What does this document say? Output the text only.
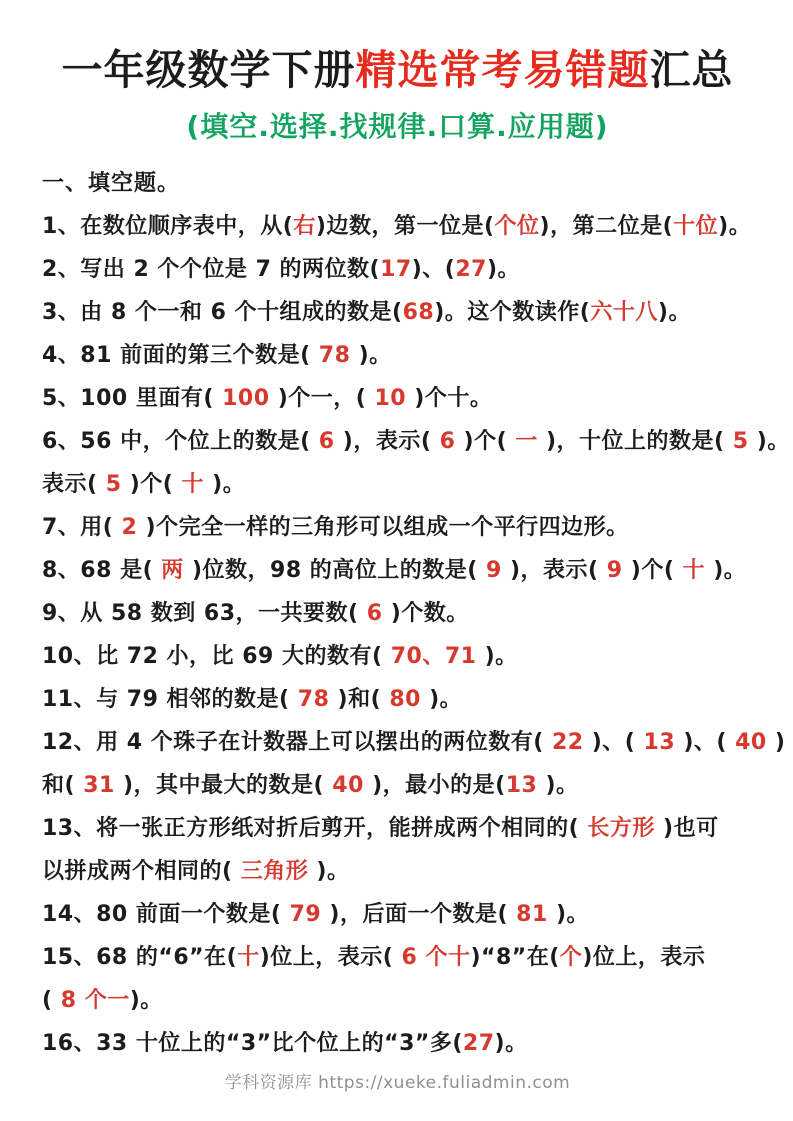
一年级数学下册精选常考易错题汇总
(填空.选择.找规律.口算.应用题)

一、填空题。

1、在数位顺序表中，从(右)边数，第一位是(个位)，第二位是(十位)。

2、写出 2 个个位是 7 的两位数(17)、(27)。

3、由 8 个一和 6 个十组成的数是(68)。这个数读作(六十八)。

4、81 前面的第三个数是( 78 )。

5、100 里面有( 100 )个一，( 10 )个十。

6、56 中，个位上的数是( 6 )，表示( 6 )个( 一 )，十位上的数是( 5 )。

表示( 5 )个( 十 )。

7、用( 2 )个完全一样的三角形可以组成一个平行四边形。

8、68 是( 两 )位数，98 的高位上的数是( 9 )，表示( 9 )个( 十 )。

9、从 58 数到 63，一共要数( 6 )个数。

10、比 72 小，比 69 大的数有( 70、71 )。

11、与 79 相邻的数是( 78 )和( 80 )。

12、用 4 个珠子在计数器上可以摆出的两位数有( 22 )、( 13 )、( 40 )

和( 31 )，其中最大的数是( 40 )，最小的是(13 )。

13、将一张正方形纸对折后剪开，能拼成两个相同的( 长方形 )也可

以拼成两个相同的( 三角形 )。

14、80 前面一个数是( 79 )，后面一个数是( 81 )。

15、68 的“6”在(十)位上，表示( 6 个十)“8”在(个)位上，表示

( 8 个一)。

16、33 十位上的“3”比个位上的“3”多(27)。

学科资源库 https://xueke.fuliadmin.com
